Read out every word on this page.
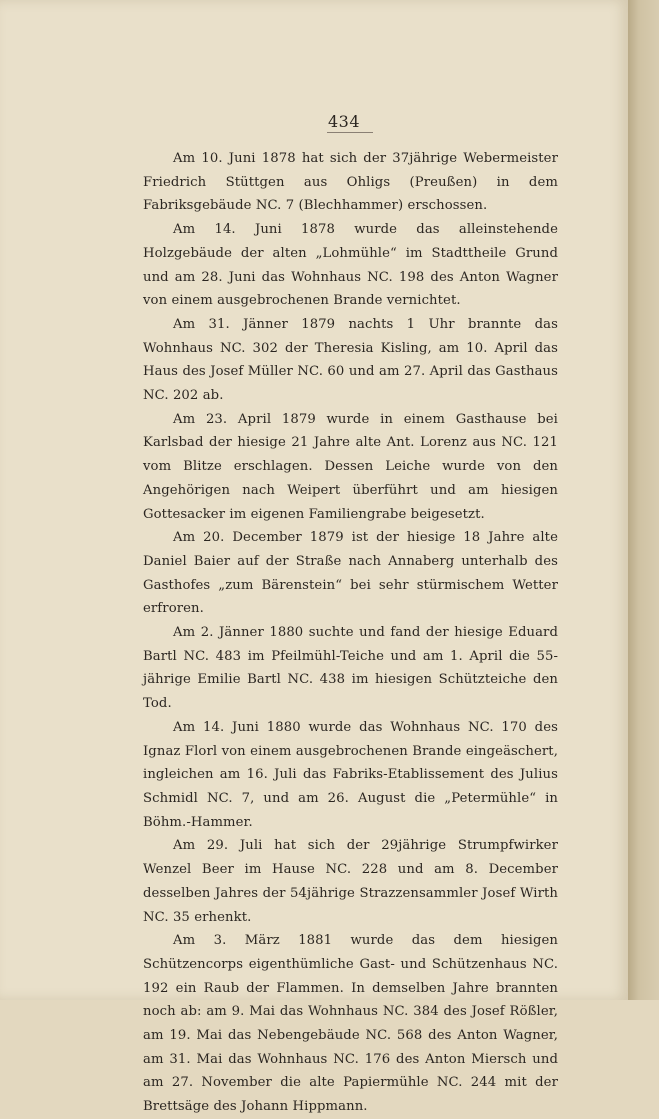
434

Am 10. Juni 1878 hat sich der 37jährige Webermeister Friedrich Stüttgen aus Ohligs (Preußen) in dem Fabriksgebäude NC. 7 (Blechhammer) erschossen.

Am 14. Juni 1878 wurde das alleinstehende Holzgebäude der alten „Lohmühle“ im Stadttheile Grund und am 28. Juni das Wohnhaus NC. 198 des Anton Wagner von einem ausgebrochenen Brande vernichtet.

Am 31. Jänner 1879 nachts 1 Uhr brannte das Wohnhaus NC. 302 der Theresia Kisling, am 10. April das Haus des Josef Müller NC. 60 und am 27. April das Gasthaus NC. 202 ab.

Am 23. April 1879 wurde in einem Gasthause bei Karlsbad der hiesige 21 Jahre alte Ant. Lorenz aus NC. 121 vom Blitze erschlagen. Dessen Leiche wurde von den Angehörigen nach Weipert überführt und am hiesigen Gottesacker im eigenen Familiengrabe beigesetzt.

Am 20. December 1879 ist der hiesige 18 Jahre alte Daniel Baier auf der Straße nach Annaberg unterhalb des Gasthofes „zum Bärenstein“ bei sehr stürmischem Wetter erfroren.

Am 2. Jänner 1880 suchte und fand der hiesige Eduard Bartl NC. 483 im Pfeilmühl-Teiche und am 1. April die 55-jährige Emilie Bartl NC. 438 im hiesigen Schützteiche den Tod.

Am 14. Juni 1880 wurde das Wohnhaus NC. 170 des Ignaz Florl von einem ausgebrochenen Brande eingeäschert, ingleichen am 16. Juli das Fabriks-Etablissement des Julius Schmidl NC. 7, und am 26. August die „Petermühle“ in Böhm.-Hammer.

Am 29. Juli hat sich der 29jährige Strumpfwirker Wenzel Beer im Hause NC. 228 und am 8. December desselben Jahres der 54jährige Strazzensammler Josef Wirth NC. 35 erhenkt.

Am 3. März 1881 wurde das dem hiesigen Schützencorps eigenthümliche Gast- und Schützenhaus NC. 192 ein Raub der Flammen. In demselben Jahre brannten noch ab: am 9. Mai das Wohnhaus NC. 384 des Josef Rößler, am 19. Mai das Nebengebäude NC. 568 des Anton Wagner, am 31. Mai das Wohnhaus NC. 176 des Anton Miersch und am 27. November die alte Papiermühle NC. 244 mit der Brettsäge des Johann Hippmann.
